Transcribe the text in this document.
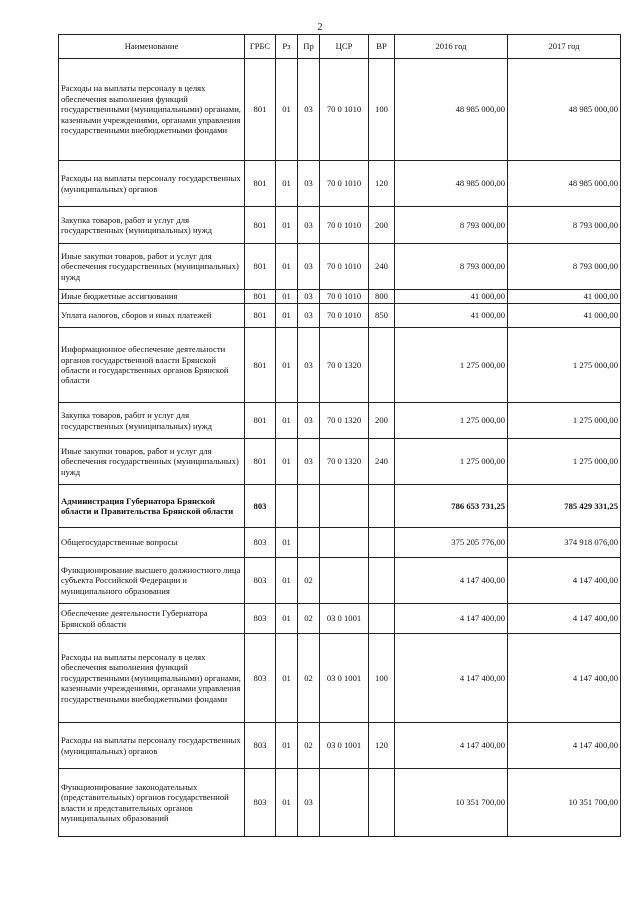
2
Наименование	ГРБС	Рз	Пр	ЦСР	ВР	2016 год	2017 год
Расходы на выплаты персоналу в целях обеспечения выполнения функций государственными (муниципальными) органами, казенными учреждениями, органами управления государственными внебюджетными фондами	801	01	03	70 0 1010	100	48 985 000,00	48 985 000,00
Расходы на выплаты персоналу государственных (муниципальных) органов	801	01	03	70 0 1010	120	48 985 000,00	48 985 000,00
Закупка товаров, работ и услуг для государственных (муниципальных) нужд	801	01	03	70 0 1010	200	8 793 000,00	8 793 000,00
Иные закупки товаров, работ и услуг для обеспечения государственных (муниципальных) нужд	801	01	03	70 0 1010	240	8 793 000,00	8 793 000,00
Иные бюджетные ассигнования	801	01	03	70 0 1010	800	41 000,00	41 000,00
Уплата налогов, сборов и иных платежей	801	01	03	70 0 1010	850	41 000,00	41 000,00
Информационное обеспечение деятельности органов государственной власти Брянской области и государственных органов Брянской области	801	01	03	70 0 1320		1 275 000,00	1 275 000,00
Закупка товаров, работ и услуг для государственных (муниципальных) нужд	801	01	03	70 0 1320	200	1 275 000,00	1 275 000,00
Иные закупки товаров, работ и услуг для обеспечения государственных (муниципальных) нужд	801	01	03	70 0 1320	240	1 275 000,00	1 275 000,00
Администрация Губернатора Брянской области и Правительства Брянской области	803					786 653 731,25	785 429 331,25
Общегосударственные вопросы	803	01				375 205 776,00	374 918 076,00
Функционирование высшего должностного лица субъекта Российской Федерации и муниципального образования	803	01	02			4 147 400,00	4 147 400,00
Обеспечение деятельности Губернатора Брянской области	803	01	02	03 0 1001		4 147 400,00	4 147 400,00
Расходы на выплаты персоналу в целях обеспечения выполнения функций государственными (муниципальными) органами, казенными учреждениями, органами управления государственными внебюджетными фондами	803	01	02	03 0 1001	100	4 147 400,00	4 147 400,00
Расходы на выплаты персоналу государственных (муниципальных) органов	803	01	02	03 0 1001	120	4 147 400,00	4 147 400,00
Функционирование законодательных (представительных) органов государственной власти и представительных органов муниципальных образований	803	01	03			10 351 700,00	10 351 700,00
